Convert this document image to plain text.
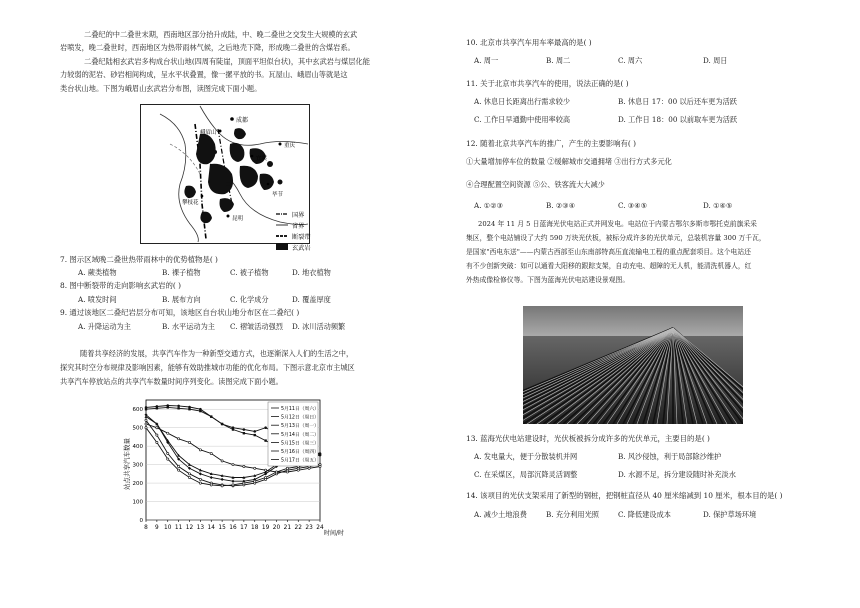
二叠纪的中二叠世末期，西南地区部分抬升成陆，中、晚二叠世之交发生大规模的玄武
岩喷发，晚二叠世时，西南地区为热带雨林气候，之后地壳下降，形成晚二叠世的含煤岩系。
二叠纪陆相玄武岩多构成台状山地(四周有陡崖，顶面平坦似台状)，其中玄武岩与煤层化能
力较弱的泥岩、砂岩相间构成，呈水平状叠置，像一摞平放的书。瓦屋山、峨眉山等就是这
类台状山地。下图为峨眉山玄武岩分布图，读图完成下面小题。
成都
峨眉山
重庆
宜宾
攀枝花
昆明
毕节
国界
省界
断裂带
玄武岩
7. 图示区域晚二叠世热带雨林中的优势植物是( )
A. 蕨类植物	B. 裸子植物	C. 被子植物	D. 地衣植物
8. 图中断裂带的走向影响玄武岩的( )
A. 喷发时间	B. 展布方向	C. 化学成分	D. 覆盖厚度
9. 通过该地区二叠纪岩层分布可知，该地区自台状山地分布区在二叠纪( )
A. 升降运动为主	B. 水平运动为主 C. 褶皱活动强烈 D. 冰川活动频繁
随着共享经济的发展，共享汽车作为一种新型交通方式，也逐渐深入人们的生活之中，
探究其时空分布规律及影响因素，能够有效助推城市功能的优化布局。下图示意北京市主城区
共享汽车停放站点的共享汽车数量时间序列变化。读图完成下面小题。
0
100
200
300
400
500
600
8 9 10 11 12 13 14 15 16 17 18 19 20 21 22 23 24
5月11日（周六）
5月12日（周日）
5月13日（周一）
5月14日（周二）
5月15日（周三）
5月16日（周四）
5月17日（周五）
站点共享汽车数量
时间/时
10. 北京市共享汽车用车率最高的是( )
A. 周一	B. 周二	C. 周六	D. 周日
11. 关于北京市共享汽车的使用，说法正确的是( )
A. 休息日长距离出行需求较少	B. 休息日 17：00 以后还车更为活跃
C. 工作日早通勤中使用率较高	D. 工作日 18：00 以前取车更为活跃
12. 随着北京共享汽车的推广，产生的主要影响有( )
①大量增加停车位的数量 ②缓解城市交通拥堵 ③出行方式多元化
④合理配置空间资源 ⑤公、铁客流大大减少
A. ①②③	B. ②③④	C. ③④⑤	D. ①④⑤
2024 年 11 月 5 日蓝海光伏电站正式并网发电。电站位于内蒙古鄂尔多斯市鄂托克前旗采采
集区，整个电站铺设了大约 590 万块光伏板，被标分成许多的光伏单元，总装机容量 300 万千瓦，
是国家"西电东送"——内蒙古西部至山东南部特高压直流输电工程的重点配套项目。这个电站还
有不少创新突破：如可以通看大阳移的跟踪支架，自动充电、超障的无人机，能清洗机器人，红
外热成像检修仪等。下图为蓝海光伏电站建设景观图。
13. 蓝海光伏电站建设时，光伏板被拆分成许多的光伏单元，主要目的是( )
A. 发电量大，便于分散装机并网	B. 风沙侵蚀，利于局部除沙维护
C. 在采煤区，局部沉降灵活调整	D. 水源不足，拆分建设随时补充淡水
14. 该项目的光伏支架采用了新型的钢桩，把钢桩直径从 40 厘米缩减到 10 厘米，根本目的是( )
A. 减少土地浪费	B. 充分利用光照	C. 降低建设成本	D. 保护草场环境
